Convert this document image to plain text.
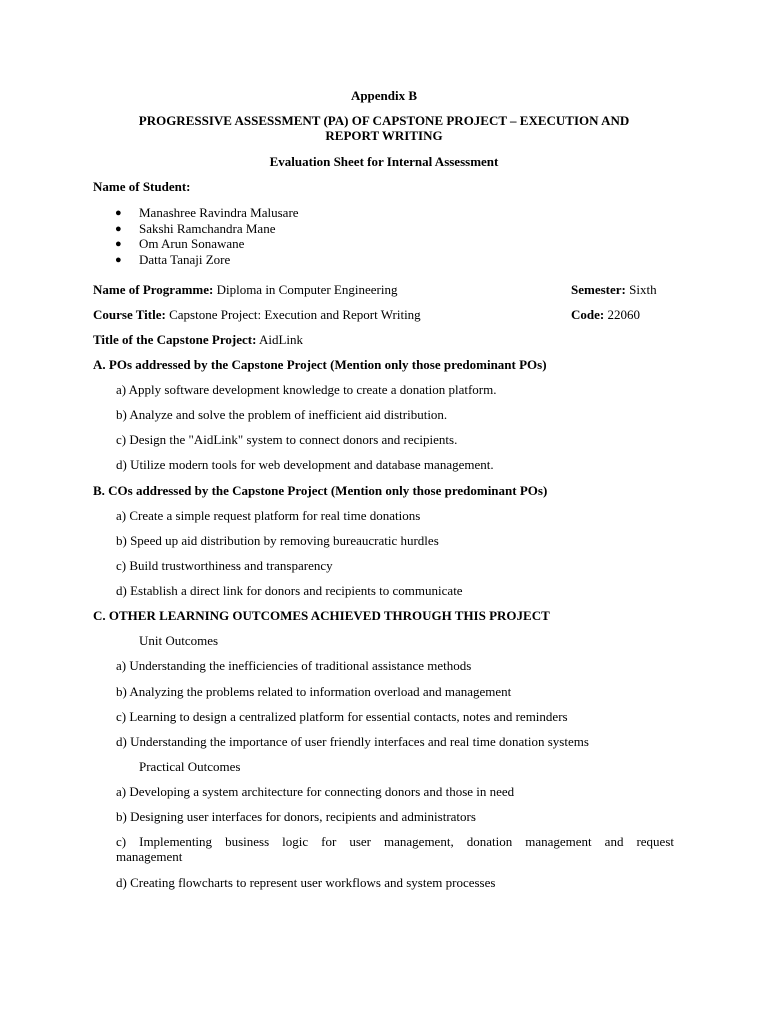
Appendix B
PROGRESSIVE ASSESSMENT (PA) OF CAPSTONE PROJECT – EXECUTION AND
REPORT WRITING
Evaluation Sheet for Internal Assessment
Name of Student:
● Manashree Ravindra Malusare
● Sakshi Ramchandra Mane
● Om Arun Sonawane
● Datta Tanaji Zore
Name of Programme: Diploma in Computer Engineering	Semester: Sixth
Course Title: Capstone Project: Execution and Report Writing	Code: 22060
Title of the Capstone Project: AidLink
A. POs addressed by the Capstone Project (Mention only those predominant POs)
a) Apply software development knowledge to create a donation platform.
b) Analyze and solve the problem of inefficient aid distribution.
c) Design the "AidLink" system to connect donors and recipients.
d) Utilize modern tools for web development and database management.
B. COs addressed by the Capstone Project (Mention only those predominant POs)
a) Create a simple request platform for real time donations
b) Speed up aid distribution by removing bureaucratic hurdles
c) Build trustworthiness and transparency
d) Establish a direct link for donors and recipients to communicate
C. OTHER LEARNING OUTCOMES ACHIEVED THROUGH THIS PROJECT
Unit Outcomes
a) Understanding the inefficiencies of traditional assistance methods
b) Analyzing the problems related to information overload and management
c) Learning to design a centralized platform for essential contacts, notes and reminders
d) Understanding the importance of user friendly interfaces and real time donation systems
Practical Outcomes
a) Developing a system architecture for connecting donors and those in need
b) Designing user interfaces for donors, recipients and administrators
c) Implementing business logic for user management, donation management and request
management
d) Creating flowcharts to represent user workflows and system processes
